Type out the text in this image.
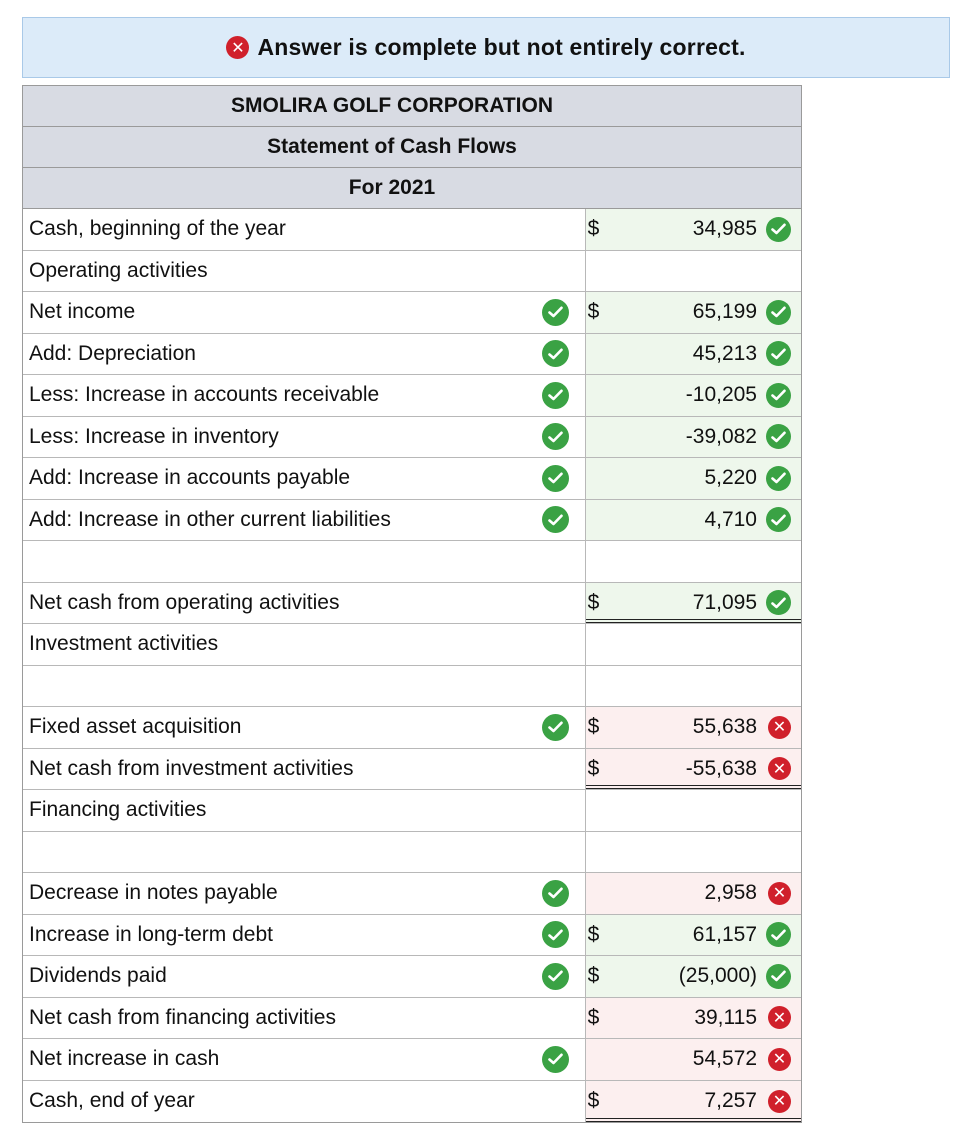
✕ Answer is complete but not entirely correct.
SMOLIRA GOLF CORPORATION
Statement of Cash Flows
For 2021
Cash, beginning of the year	$	34,985
Operating activities
Net income	$	65,199
Add: Depreciation	45,213
Less: Increase in accounts receivable	-10,205
Less: Increase in inventory	-39,082
Add: Increase in accounts payable	5,220
Add: Increase in other current liabilities	4,710
Net cash from operating activities	$	71,095
Investment activities
Fixed asset acquisition	$	55,638 ✕
Net cash from investment activities	$	-55,638 ✕
Financing activities
Decrease in notes payable	2,958 ✕
Increase in long-term debt	$	61,157
Dividends paid	$	(25,000)
Net cash from financing activities	$	39,115 ✕
Net increase in cash	54,572 ✕
Cash, end of year	$	7,257 ✕
